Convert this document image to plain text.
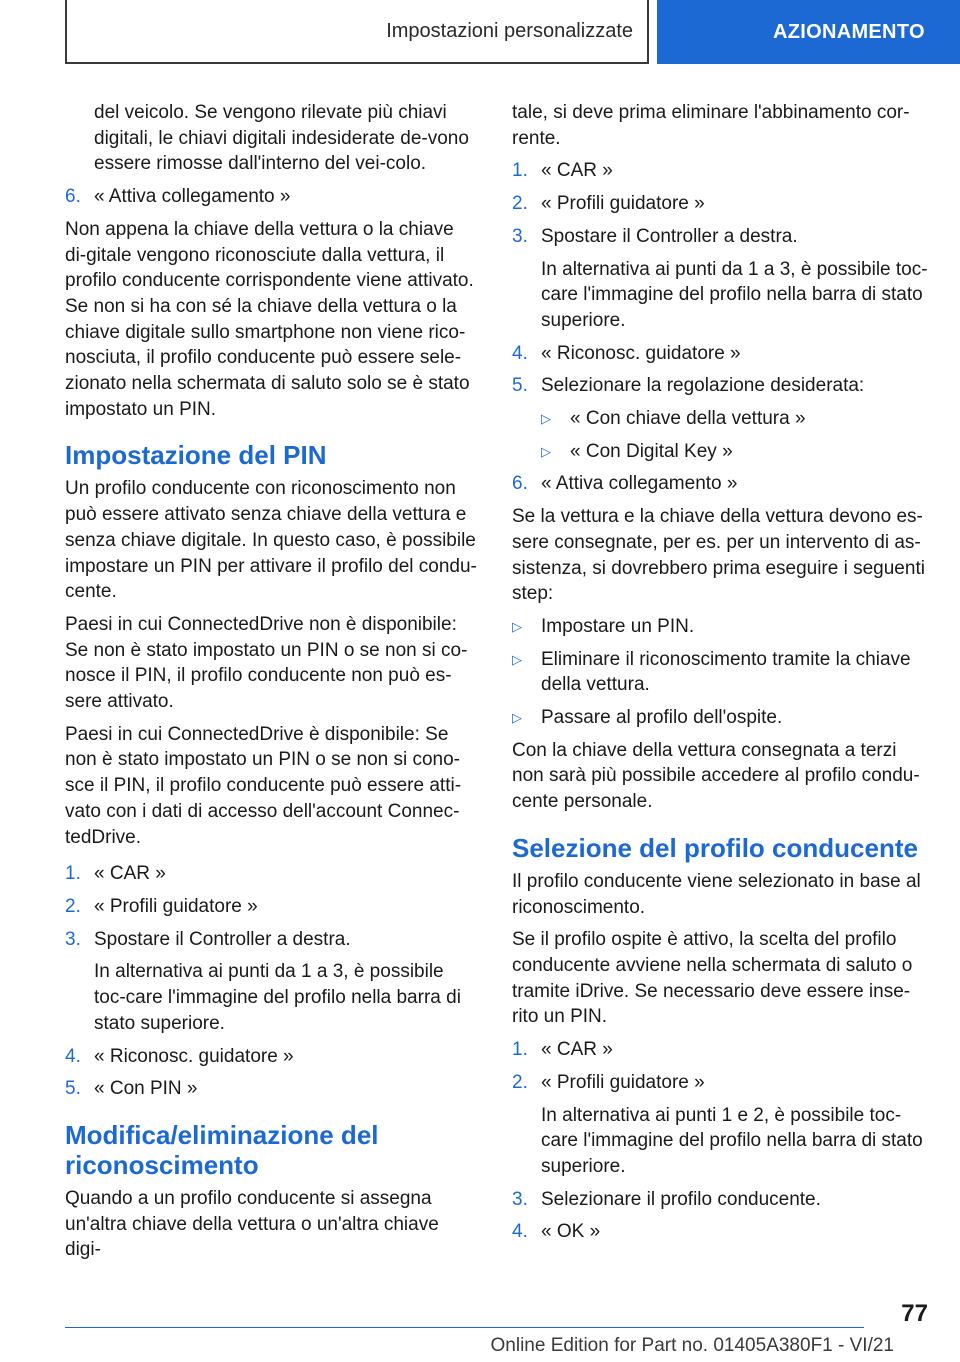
Impostazioni personalizzate	AZIONAMENTO

del veicolo. Se vengono rilevate più chiavi digitali, le chiavi digitali indesiderate de-vono essere rimosse dall'interno del vei-colo.

6. « Attiva collegamento »

Non appena la chiave della vettura o la chiave di-gitale vengono riconosciute dalla vettura, il profilo conducente corrispondente viene attivato. Se non si ha con sé la chiave della vettura o la chiave digitale sullo smartphone non viene rico-nosciuta, il profilo conducente può essere sele-zionato nella schermata di saluto solo se è stato impostato un PIN.

Impostazione del PIN

Un profilo conducente con riconoscimento non può essere attivato senza chiave della vettura e senza chiave digitale. In questo caso, è possibile impostare un PIN per attivare il profilo del condu-cente.

Paesi in cui ConnectedDrive non è disponibile: Se non è stato impostato un PIN o se non si co-nosce il PIN, il profilo conducente non può es-sere attivato.

Paesi in cui ConnectedDrive è disponibile: Se non è stato impostato un PIN o se non si cono-sce il PIN, il profilo conducente può essere atti-vato con i dati di accesso dell'account Connec-tedDrive.

1. « CAR »
2. « Profili guidatore »
3. Spostare il Controller a destra.

In alternativa ai punti da 1 a 3, è possibile toc-care l'immagine del profilo nella barra di stato superiore.

4. « Riconosc. guidatore »
5. « Con PIN »
Modifica/eliminazione del riconoscimento

Quando a un profilo conducente si assegna un'altra chiave della vettura o un'altra chiave digi-

tale, si deve prima eliminare l'abbinamento cor-rente.

1. « CAR »
2. « Profili guidatore »
3. Spostare il Controller a destra.

In alternativa ai punti da 1 a 3, è possibile toc-care l'immagine del profilo nella barra di stato superiore.

4. « Riconosc. guidatore »
5. Selezionare la regolazione desiderata:
▷	« Con chiave della vettura »
▷	« Con Digital Key »
6. « Attiva collegamento »

Se la vettura e la chiave della vettura devono es-sere consegnate, per es. per un intervento di as-sistenza, si dovrebbero prima eseguire i seguenti step:

▷	Impostare un PIN.
▷	Eliminare il riconoscimento tramite la chiave della vettura.
▷	Passare al profilo dell'ospite.

Con la chiave della vettura consegnata a terzi non sarà più possibile accedere al profilo condu-cente personale.

Selezione del profilo conducente

Il profilo conducente viene selezionato in base al riconoscimento.

Se il profilo ospite è attivo, la scelta del profilo conducente avviene nella schermata di saluto o tramite iDrive. Se necessario deve essere inse-rito un PIN.

1. « CAR »
2. « Profili guidatore »

In alternativa ai punti 1 e 2, è possibile toc-care l'immagine del profilo nella barra di stato superiore.

3. Selezionare il profilo conducente.
4. « OK »
77
Online Edition for Part no. 01405A380F1 - VI/21
